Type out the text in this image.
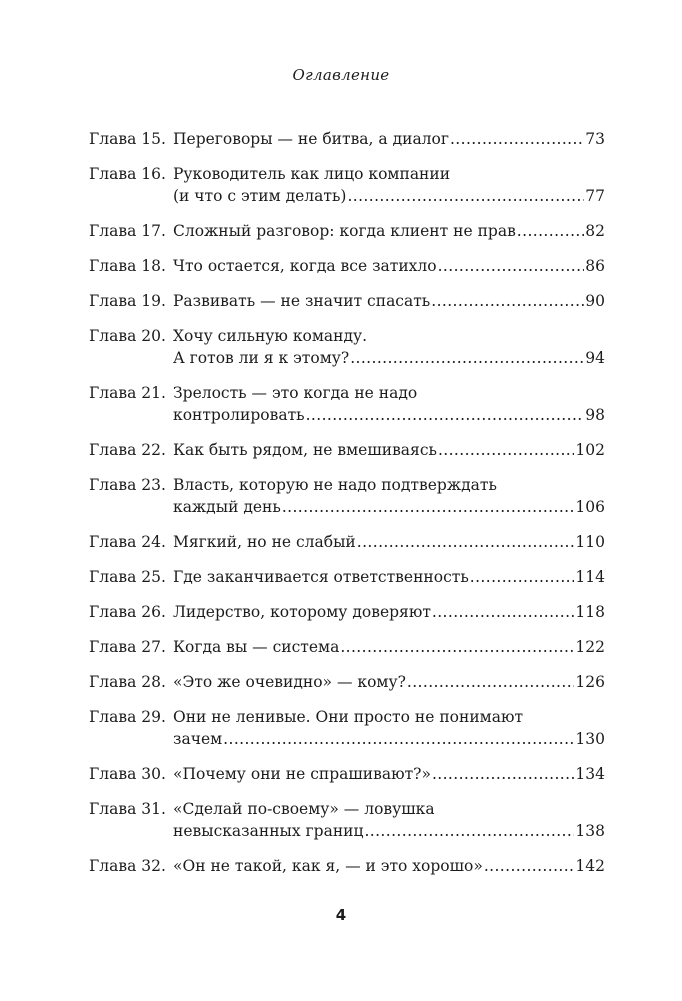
Оглавление
Глава 15. Переговоры — не битва, а диалог .....	73
Глава 16. Руководитель как лицо компании
(и что с этим делать) .....	77
Глава 17. Сложный разговор: когда клиент не прав .....	82
Глава 18. Что остается, когда все затихло .....	86
Глава 19. Развивать — не значит спасать .....	90
Глава 20. Хочу сильную команду.
А готов ли я к этому? .....	94
Глава 21. Зрелость — это когда не надо
контролировать .....	98
Глава 22. Как быть рядом, не вмешиваясь .....	102
Глава 23. Власть, которую не надо подтверждать
каждый день .....	106
Глава 24. Мягкий, но не слабый .....	110
Глава 25. Где заканчивается ответственность .....	114
Глава 26. Лидерство, которому доверяют .....	118
Глава 27. Когда вы — система .....	122
Глава 28. «Это же очевидно» — кому? .....	126
Глава 29. Они не ленивые. Они просто не понимают
зачем .....	130
Глава 30. «Почему они не спрашивают?» .....	134
Глава 31. «Сделай по-своему» — ловушка
невысказанных границ .....	138
Глава 32. «Он не такой, как я, — и это хорошо» .....	142
4
